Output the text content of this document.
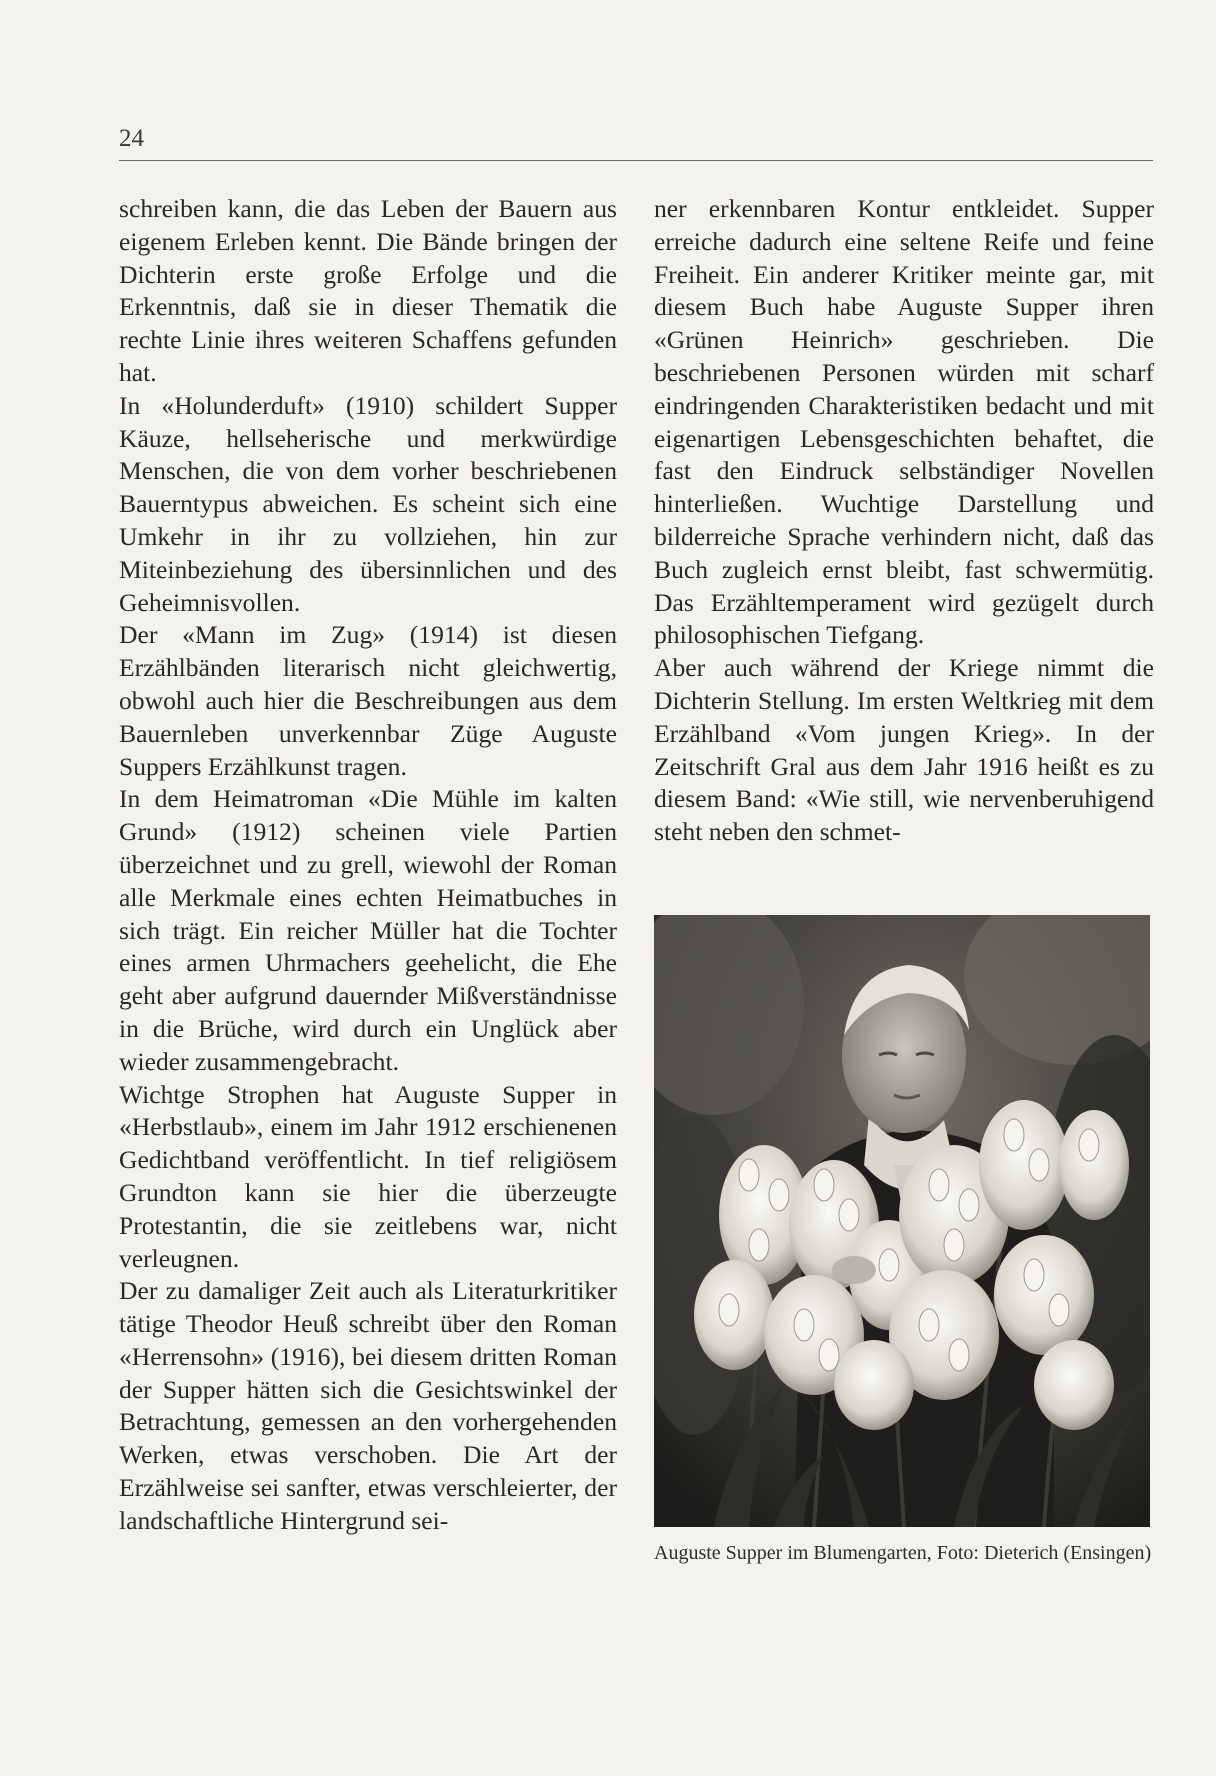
24

schreiben kann, die das Leben der Bauern aus eigenem Erleben kennt. Die Bände bringen der Dichterin erste große Erfolge und die Erkenntnis, daß sie in dieser Thematik die rechte Linie ihres weiteren Schaffens gefunden hat.

In «Holunderduft» (1910) schildert Supper Käuze, hellseherische und merkwürdige Menschen, die von dem vorher beschriebenen Bauerntypus abweichen. Es scheint sich eine Umkehr in ihr zu vollziehen, hin zur Miteinbeziehung des übersinnlichen und des Geheimnisvollen.

Der «Mann im Zug» (1914) ist diesen Erzählbänden literarisch nicht gleichwertig, obwohl auch hier die Beschreibungen aus dem Bauernleben unverkennbar Züge Auguste Suppers Erzählkunst tragen.

In dem Heimatroman «Die Mühle im kalten Grund» (1912) scheinen viele Partien überzeichnet und zu grell, wiewohl der Roman alle Merkmale eines echten Heimatbuches in sich trägt. Ein reicher Müller hat die Tochter eines armen Uhrmachers geehelicht, die Ehe geht aber aufgrund dauernder Mißverständnisse in die Brüche, wird durch ein Unglück aber wieder zusammengebracht.

Wichtge Strophen hat Auguste Supper in «Herbstlaub», einem im Jahr 1912 erschienenen Gedichtband veröffentlicht. In tief religiösem Grundton kann sie hier die überzeugte Protestantin, die sie zeitlebens war, nicht verleugnen.

Der zu damaliger Zeit auch als Literaturkritiker tätige Theodor Heuß schreibt über den Roman «Herrensohn» (1916), bei diesem dritten Roman der Supper hätten sich die Gesichtswinkel der Betrachtung, gemessen an den vorhergehenden Werken, etwas verschoben. Die Art der Erzählweise sei sanfter, etwas verschleierter, der landschaftliche Hintergrund sei-

ner erkennbaren Kontur entkleidet. Supper erreiche dadurch eine seltene Reife und feine Freiheit. Ein anderer Kritiker meinte gar, mit diesem Buch habe Auguste Supper ihren «Grünen Heinrich» geschrieben. Die beschriebenen Personen würden mit scharf eindringenden Charakteristiken bedacht und mit eigenartigen Lebensgeschichten behaftet, die fast den Eindruck selbständiger Novellen hinterließen. Wuchtige Darstellung und bilderreiche Sprache verhindern nicht, daß das Buch zugleich ernst bleibt, fast schwermütig. Das Erzähltemperament wird gezügelt durch philosophischen Tiefgang.

Aber auch während der Kriege nimmt die Dichterin Stellung. Im ersten Weltkrieg mit dem Erzählband «Vom jungen Krieg». In der Zeitschrift Gral aus dem Jahr 1916 heißt es zu diesem Band: «Wie still, wie nervenberuhigend steht neben den schmet-

Auguste Supper im Blumengarten, Foto: Dieterich (Ensingen)
